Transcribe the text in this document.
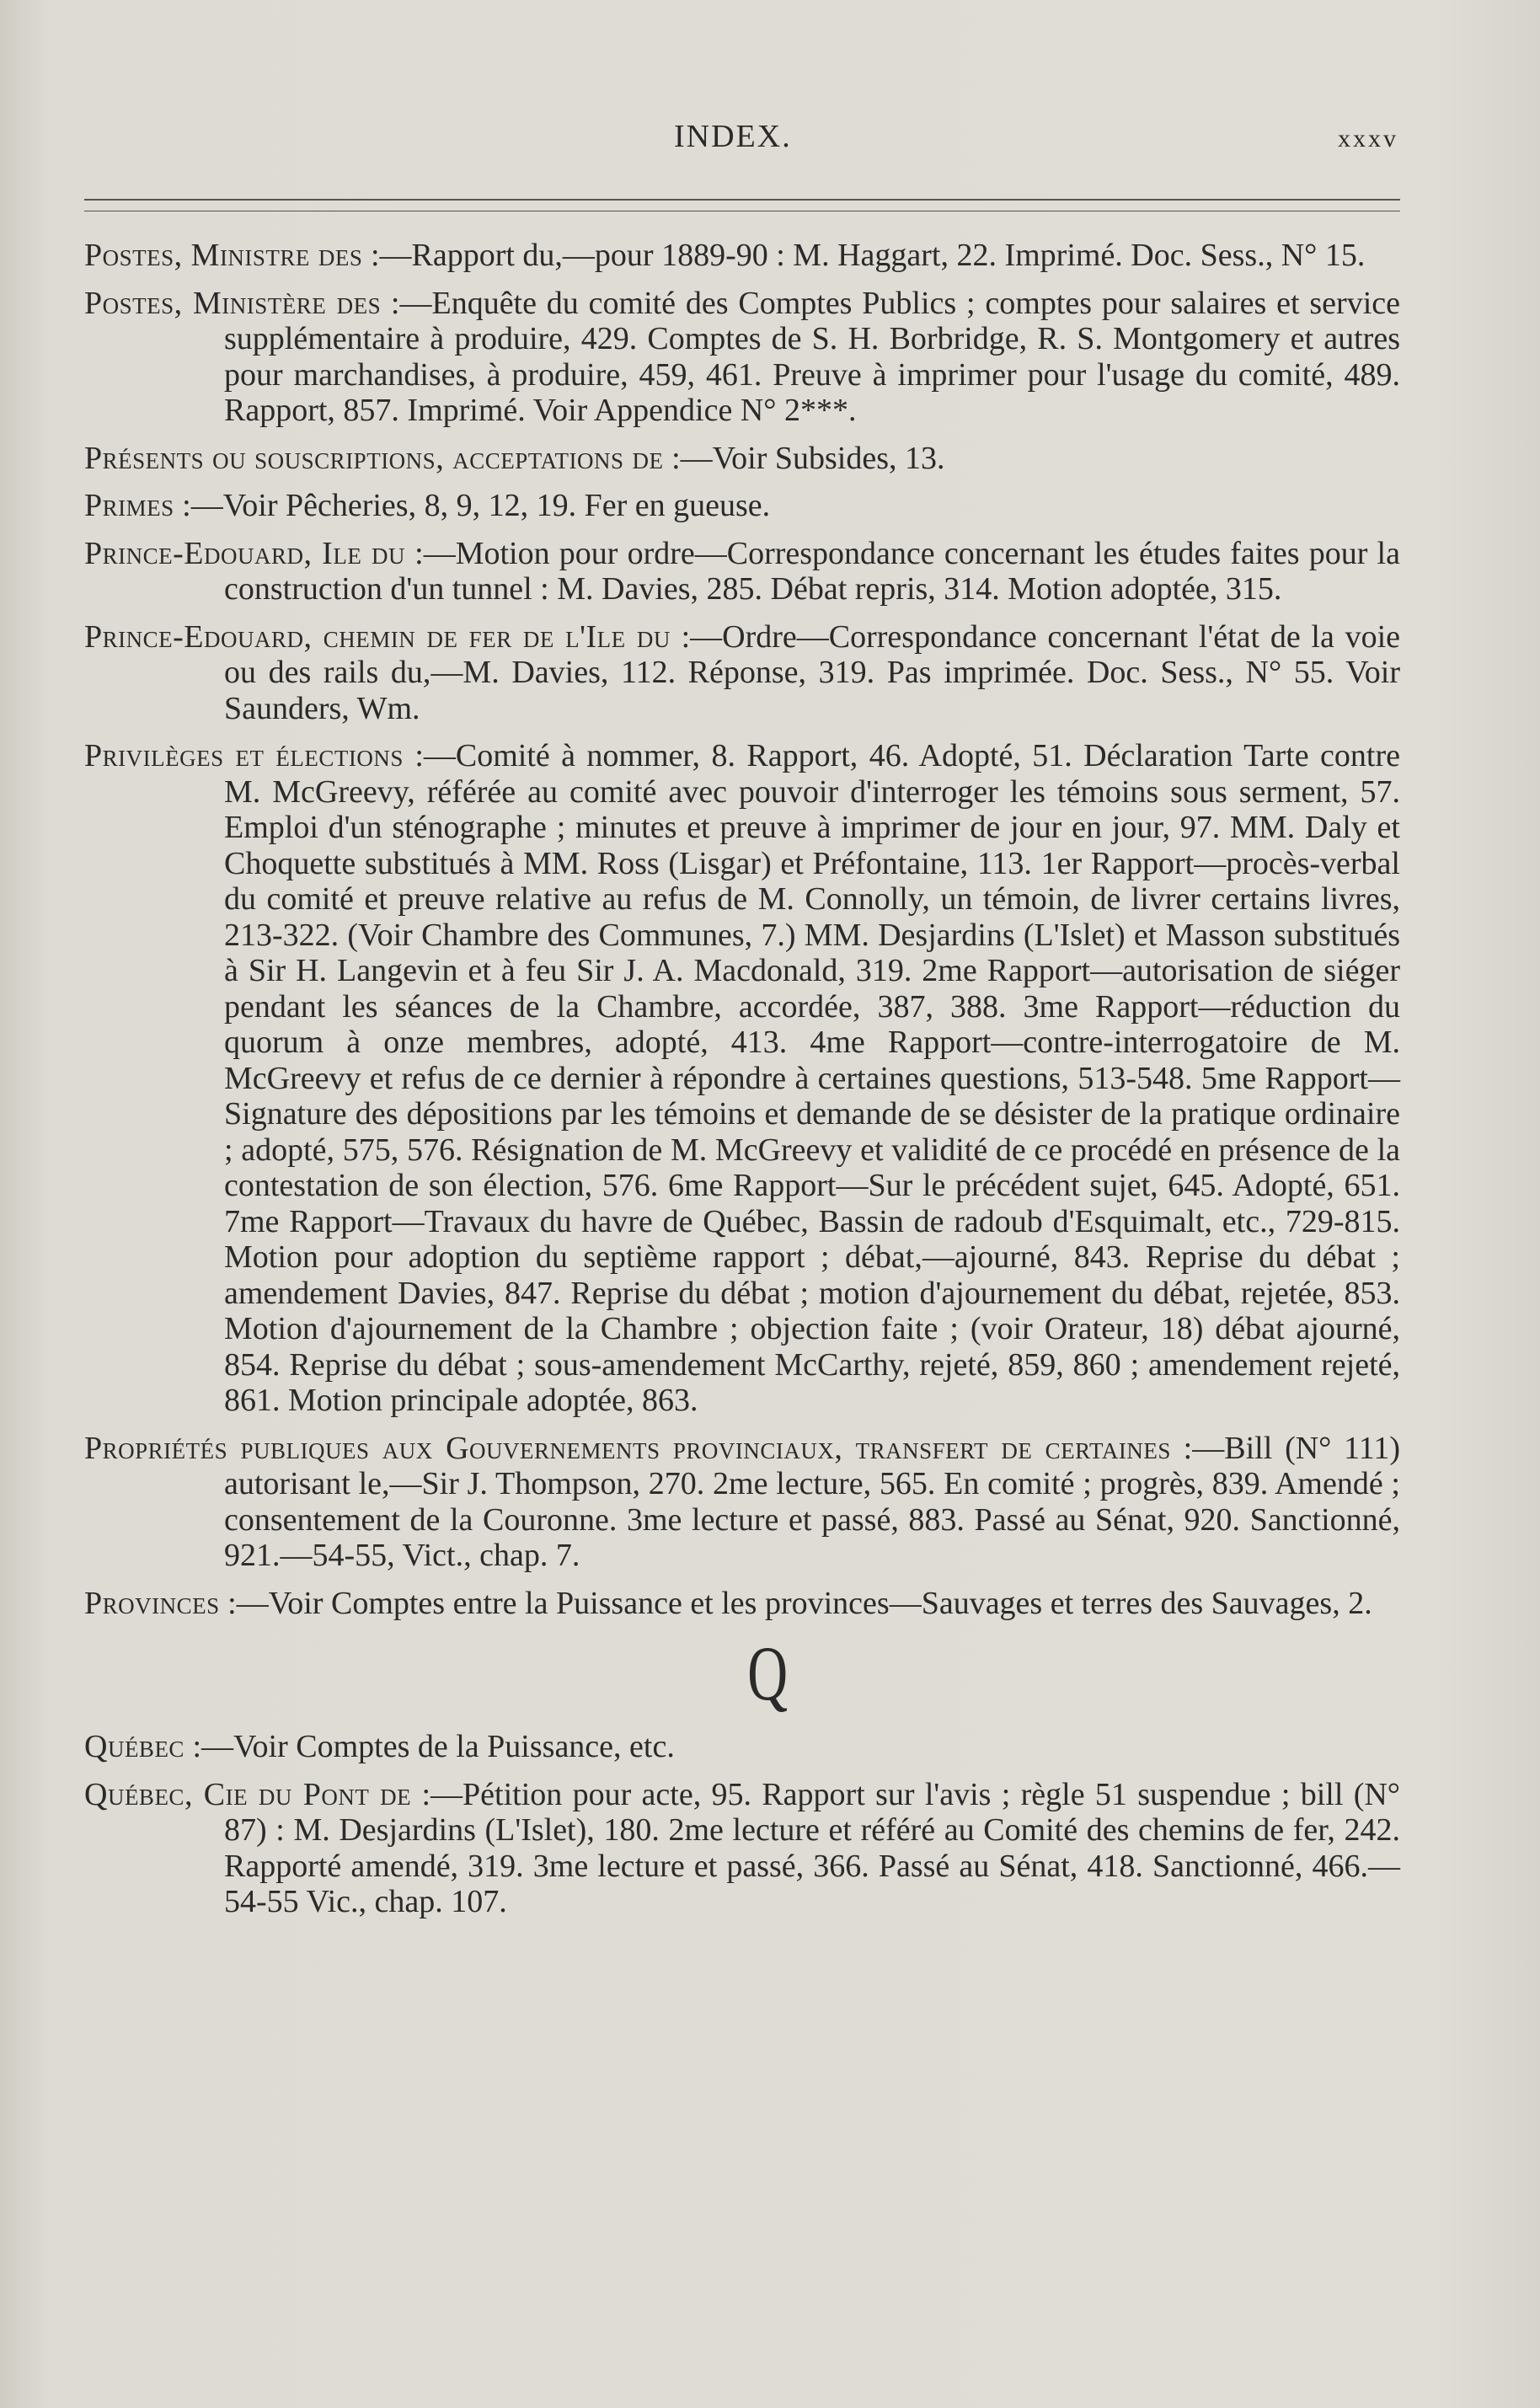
INDEX.	xxxv

Postes, Ministre des :—Rapport du,—pour 1889-90 : M. Haggart, 22. Imprimé. Doc. Sess., N° 15.

Postes, Ministère des :—Enquête du comité des Comptes Publics ; comptes pour salaires et service supplémentaire à produire, 429. Comptes de S. H. Borbridge, R. S. Montgomery et autres pour marchandises, à produire, 459, 461. Preuve à imprimer pour l'usage du comité, 489. Rapport, 857. Imprimé. Voir Appendice N° 2***.

Présents ou souscriptions, acceptations de :—Voir Subsides, 13.

Primes :—Voir Pêcheries, 8, 9, 12, 19. Fer en gueuse.

Prince-Edouard, Ile du :—Motion pour ordre—Correspondance concernant les études faites pour la construction d'un tunnel : M. Davies, 285. Débat repris, 314. Motion adoptée, 315.

Prince-Edouard, chemin de fer de l'Ile du :—Ordre—Correspondance concernant l'état de la voie ou des rails du,—M. Davies, 112. Réponse, 319. Pas imprimée. Doc. Sess., N° 55. Voir Saunders, Wm.

Privilèges et élections :—Comité à nommer, 8. Rapport, 46. Adopté, 51. Déclaration Tarte contre M. McGreevy, référée au comité avec pouvoir d'interroger les témoins sous serment, 57. Emploi d'un sténographe ; minutes et preuve à imprimer de jour en jour, 97. MM. Daly et Choquette substitués à MM. Ross (Lisgar) et Préfontaine, 113. 1er Rapport—procès-verbal du comité et preuve relative au refus de M. Connolly, un témoin, de livrer certains livres, 213-322. (Voir Chambre des Communes, 7.) MM. Desjardins (L'Islet) et Masson substitués à Sir H. Langevin et à feu Sir J. A. Macdonald, 319. 2me Rapport—autorisation de siéger pendant les séances de la Chambre, accordée, 387, 388. 3me Rapport—réduction du quorum à onze membres, adopté, 413. 4me Rapport—contre-interrogatoire de M. McGreevy et refus de ce dernier à répondre à certaines questions, 513-548. 5me Rapport—Signature des dépositions par les témoins et demande de se désister de la pratique ordinaire ; adopté, 575, 576. Résignation de M. McGreevy et validité de ce procédé en présence de la contestation de son élection, 576. 6me Rapport—Sur le précédent sujet, 645. Adopté, 651. 7me Rapport—Travaux du havre de Québec, Bassin de radoub d'Esquimalt, etc., 729-815. Motion pour adoption du septième rapport ; débat,—ajourné, 843. Reprise du débat ; amendement Davies, 847. Reprise du débat ; motion d'ajournement du débat, rejetée, 853. Motion d'ajournement de la Chambre ; objection faite ; (voir Orateur, 18) débat ajourné, 854. Reprise du débat ; sous-amendement McCarthy, rejeté, 859, 860 ; amendement rejeté, 861. Motion principale adoptée, 863.

Propriétés publiques aux Gouvernements provinciaux, transfert de certaines :—Bill (N° 111) autorisant le,—Sir J. Thompson, 270. 2me lecture, 565. En comité ; progrès, 839. Amendé ; consentement de la Couronne. 3me lecture et passé, 883. Passé au Sénat, 920. Sanctionné, 921.—54-55, Vict., chap. 7.

Provinces :—Voir Comptes entre la Puissance et les provinces—Sauvages et terres des Sauvages, 2.

Q

Québec :—Voir Comptes de la Puissance, etc.

Québec, Cie du Pont de :—Pétition pour acte, 95. Rapport sur l'avis ; règle 51 suspendue ; bill (N° 87) : M. Desjardins (L'Islet), 180. 2me lecture et référé au Comité des chemins de fer, 242. Rapporté amendé, 319. 3me lecture et passé, 366. Passé au Sénat, 418. Sanctionné, 466.—54-55 Vic., chap. 107.
